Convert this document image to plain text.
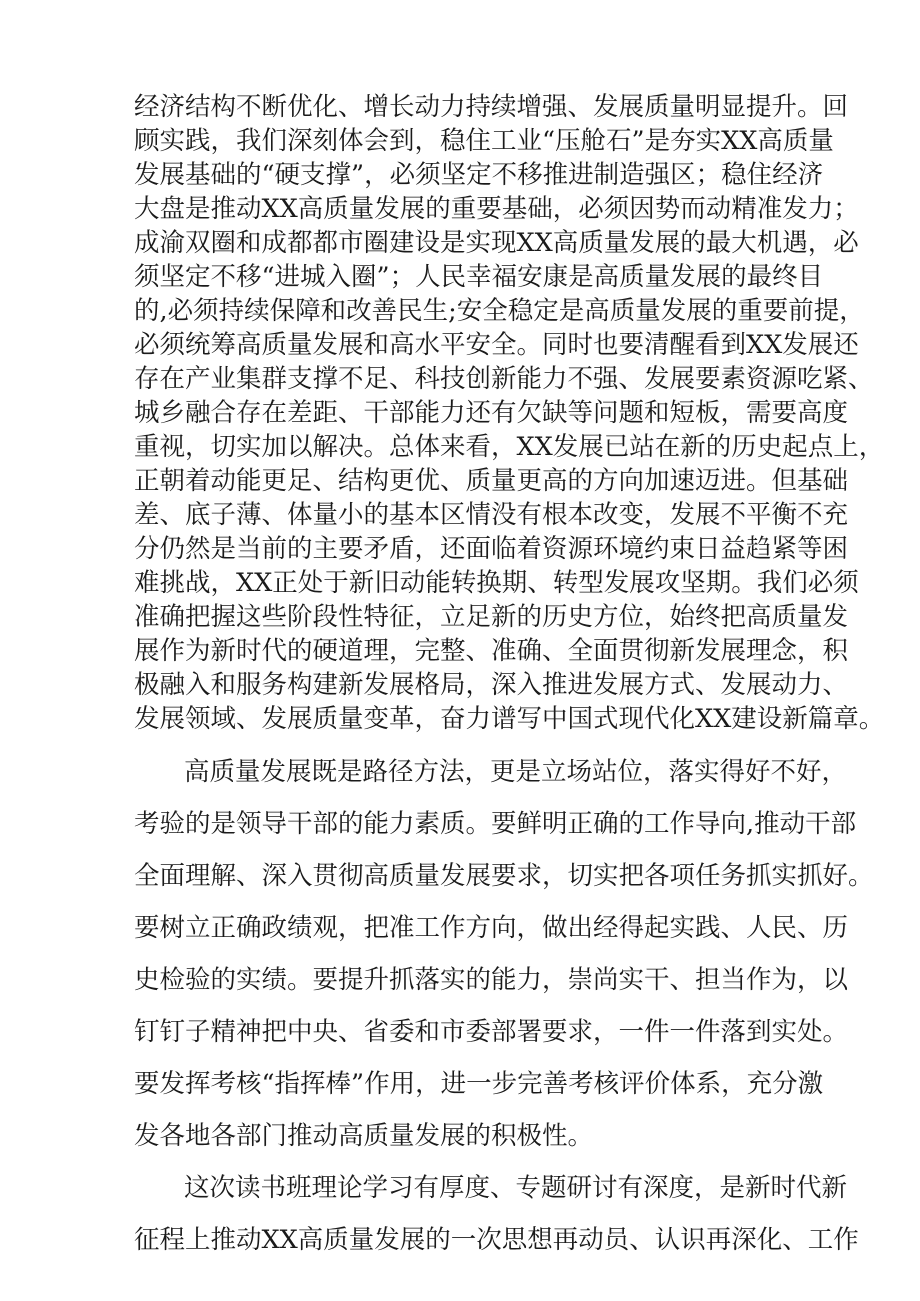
经济结构不断优化、增长动力持续增强、发展质量明显提升。回
顾实践，我们深刻体会到，稳住工业“压舱石”是夯实XX高质量
发展基础的“硬支撑”，必须坚定不移推进制造强区；稳住经济
大盘是推动XX高质量发展的重要基础，必须因势而动精准发力；
成渝双圈和成都都市圈建设是实现XX高质量发展的最大机遇，必
须坚定不移“进城入圈”；人民幸福安康是高质量发展的最终目
的,必须持续保障和改善民生;安全稳定是高质量发展的重要前提，
必须统筹高质量发展和高水平安全。同时也要清醒看到XX发展还
存在产业集群支撑不足、科技创新能力不强、发展要素资源吃紧、
城乡融合存在差距、干部能力还有欠缺等问题和短板，需要高度
重视，切实加以解决。总体来看，XX发展已站在新的历史起点上，
正朝着动能更足、结构更优、质量更高的方向加速迈进。但基础
差、底子薄、体量小的基本区情没有根本改变，发展不平衡不充
分仍然是当前的主要矛盾，还面临着资源环境约束日益趋紧等困
难挑战，XX正处于新旧动能转换期、转型发展攻坚期。我们必须
准确把握这些阶段性特征，立足新的历史方位，始终把高质量发
展作为新时代的硬道理，完整、准确、全面贯彻新发展理念，积
极融入和服务构建新发展格局，深入推进发展方式、发展动力、
发展领域、发展质量变革，奋力谱写中国式现代化XX建设新篇章。
高质量发展既是路径方法，更是立场站位，落实得好不好，
考验的是领导干部的能力素质。要鲜明正确的工作导向,推动干部
全面理解、深入贯彻高质量发展要求，切实把各项任务抓实抓好。
要树立正确政绩观，把准工作方向，做出经得起实践、人民、历
史检验的实绩。要提升抓落实的能力，崇尚实干、担当作为，以
钉钉子精神把中央、省委和市委部署要求，一件一件落到实处。
要发挥考核“指挥棒”作用，进一步完善考核评价体系，充分激
发各地各部门推动高质量发展的积极性。
这次读书班理论学习有厚度、专题研讨有深度，是新时代新
征程上推动XX高质量发展的一次思想再动员、认识再深化、工作
